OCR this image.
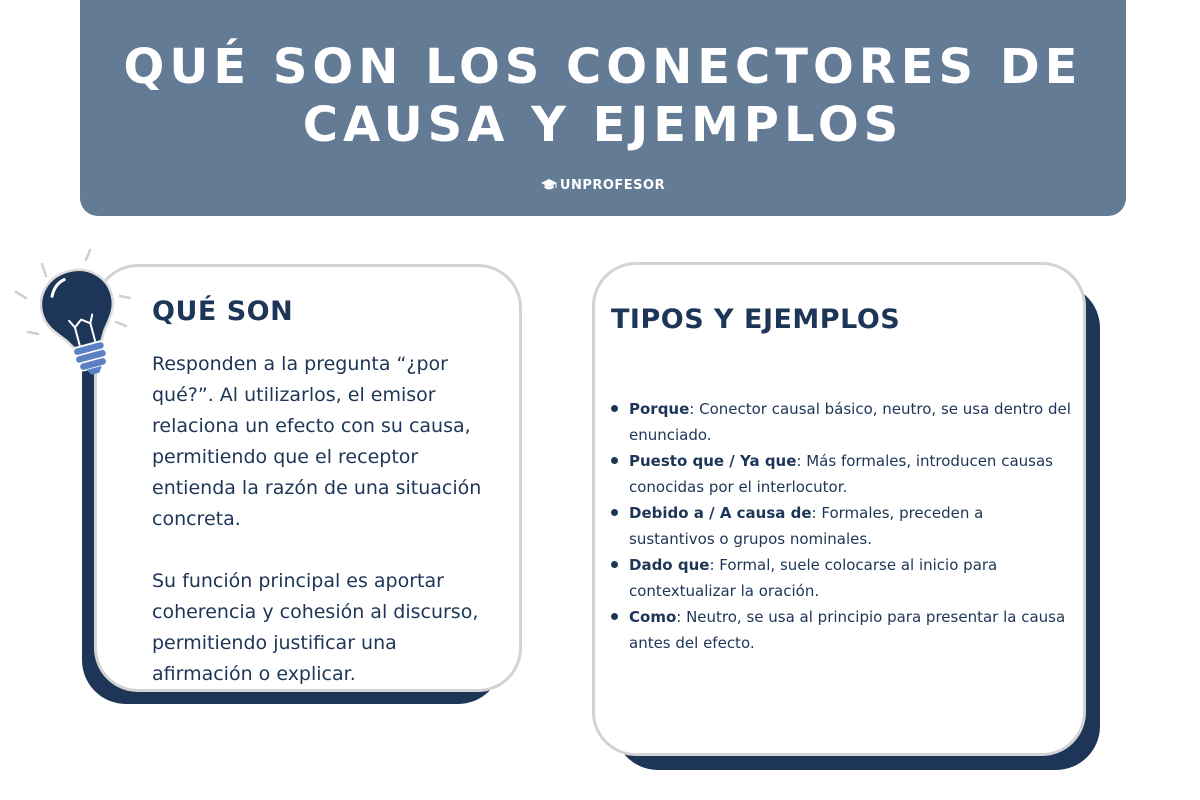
QUÉ SON LOS CONECTORES DE
CAUSA Y EJEMPLOS
UNPROFESOR
QUÉ SON

Responden a la pregunta “¿por qué?”. Al utilizarlos, el emisor relaciona un efecto con su causa, permitiendo que el receptor entienda la razón de una situación concreta.

Su función principal es aportar coherencia y cohesión al discurso, permitiendo justificar una afirmación o explicar.

TIPOS Y EJEMPLOS
Porque: Conector causal básico, neutro, se usa dentro del enunciado.
Puesto que / Ya que: Más formales, introducen causas conocidas por el interlocutor.
Debido a / A causa de: Formales, preceden a sustantivos o grupos nominales.
Dado que: Formal, suele colocarse al inicio para contextualizar la oración.
Como: Neutro, se usa al principio para presentar la causa antes del efecto.
